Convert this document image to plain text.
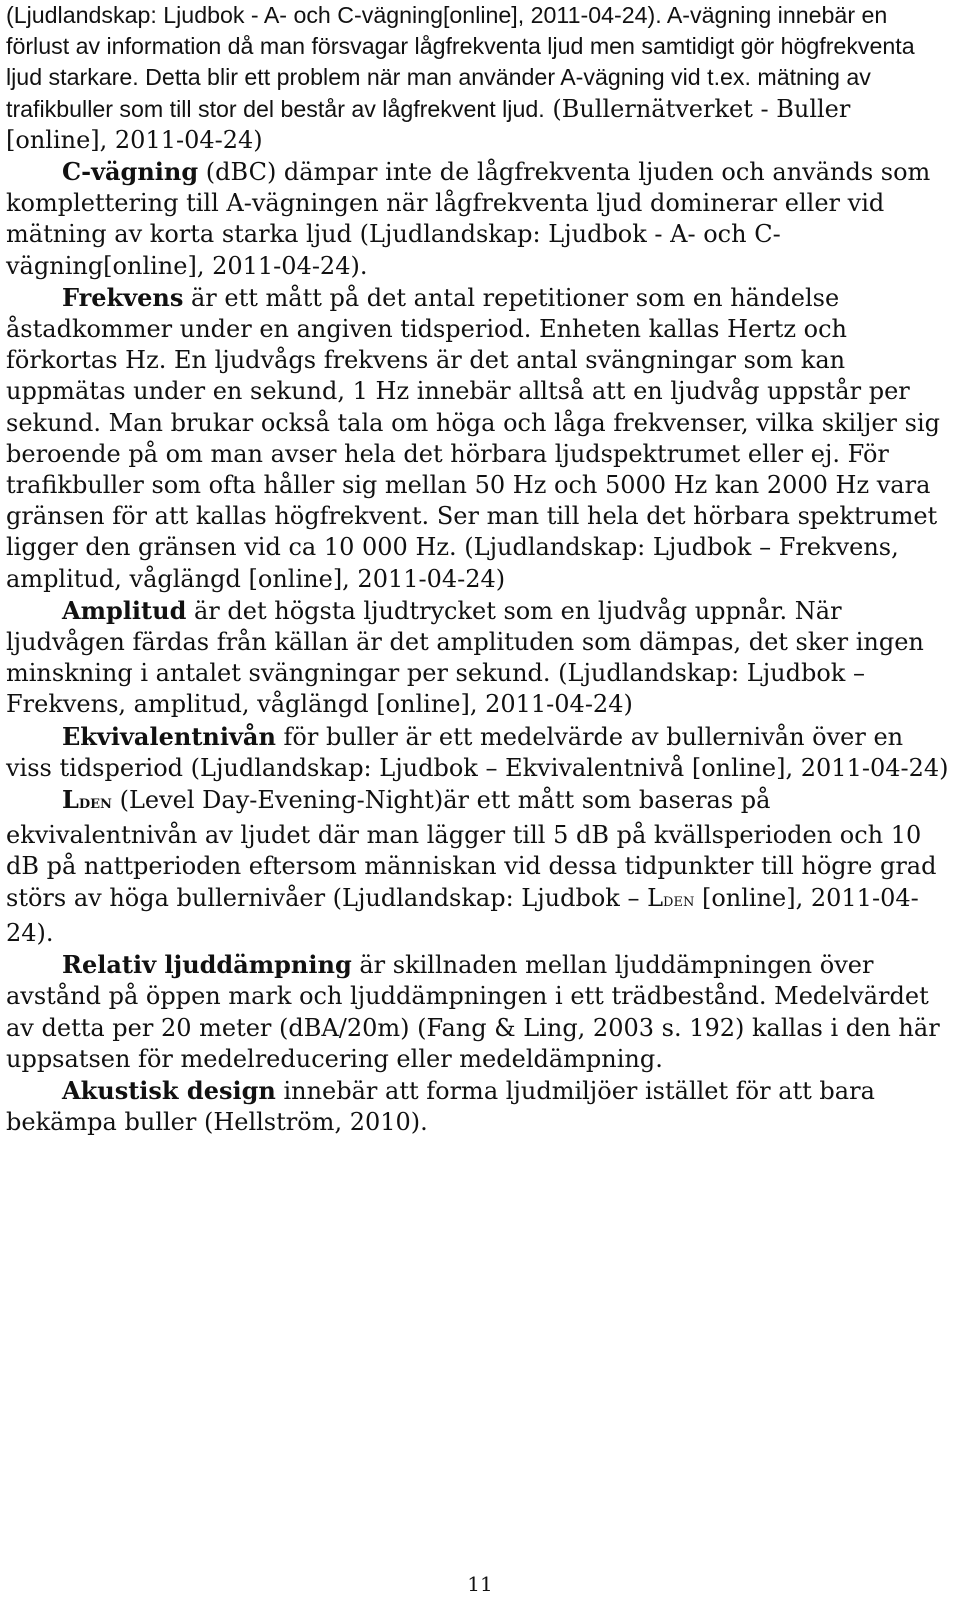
(Ljudlandskap: Ljudbok - A- och C-vägning[online], 2011-04-24). A-vägning innebär en förlust av information då man försvagar lågfrekventa ljud men samtidigt gör högfrekventa ljud starkare. Detta blir ett problem när man använder A-vägning vid t.ex. mätning av trafikbuller som till stor del består av lågfrekvent ljud. (Bullernätverket - Buller [online], 2011-04-24)

C-vägning (dBC) dämpar inte de lågfrekventa ljuden och används som komplettering till A-vägningen när lågfrekventa ljud dominerar eller vid mätning av korta starka ljud (Ljudlandskap: Ljudbok - A- och C-vägning[online], 2011-04-24).

Frekvens är ett mått på det antal repetitioner som en händelse åstadkommer under en angiven tidsperiod. Enheten kallas Hertz och förkortas Hz. En ljudvågs frekvens är det antal svängningar som kan uppmätas under en sekund, 1 Hz innebär alltså att en ljudvåg uppstår per sekund. Man brukar också tala om höga och låga frekvenser, vilka skiljer sig beroende på om man avser hela det hörbara ljudspektrumet eller ej. För trafikbuller som ofta håller sig mellan 50 Hz och 5000 Hz kan 2000 Hz vara gränsen för att kallas högfrekvent. Ser man till hela det hörbara spektrumet ligger den gränsen vid ca 10 000 Hz. (Ljudlandskap: Ljudbok – Frekvens, amplitud, våglängd [online], 2011-04-24)

Amplitud är det högsta ljudtrycket som en ljudvåg uppnår. När ljudvågen färdas från källan är det amplituden som dämpas, det sker ingen minskning i antalet svängningar per sekund. (Ljudlandskap: Ljudbok – Frekvens, amplitud, våglängd [online], 2011-04-24)

Ekvivalentnivån för buller är ett medelvärde av bullernivån över en viss tidsperiod (Ljudlandskap: Ljudbok – Ekvivalentnivå [online], 2011-04-24)

LDEN (Level Day-Evening-Night)är ett mått som baseras på ekvivalentnivån av ljudet där man lägger till 5 dB på kvällsperioden och 10 dB på nattperioden eftersom människan vid dessa tidpunkter till högre grad störs av höga bullernivåer (Ljudlandskap: Ljudbok – LDEN [online], 2011-04-24).

Relativ ljuddämpning är skillnaden mellan ljuddämpningen över avstånd på öppen mark och ljuddämpningen i ett trädbestånd. Medelvärdet av detta per 20 meter (dBA/20m) (Fang & Ling, 2003 s. 192) kallas i den här uppsatsen för medelreducering eller medeldämpning.

Akustisk design innebär att forma ljudmiljöer istället för att bara bekämpa buller (Hellström, 2010).

11
